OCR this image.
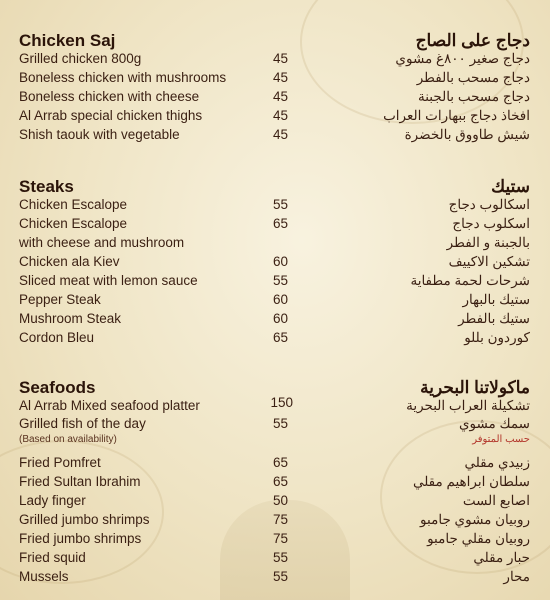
Chicken Saj	دجاج على الصاج
Grilled chicken 800g	45	دجاج صغير ٨٠٠غ مشوي
Boneless chicken with mushrooms	45	دجاج مسحب بالفطر
Boneless chicken with cheese	45	دجاج مسحب بالجبنة
Al Arrab special chicken thighs	45	افخاذ دجاج ببهارات العراب
Shish taouk with vegetable	45	شيش طاووق بالخضرة
Steaks	ستيك
Chicken Escalope	55	اسكالوب دجاج
Chicken Escalope	65	اسكلوب دجاج
with cheese and mushroom	بالجبنة و الفطر
Chicken ala Kiev	60	تشكين الاكييف
Sliced meat with lemon sauce	55	شرحات لحمة مطفاية
Pepper Steak	60	ستيك بالبهار
Mushroom Steak	60	ستيك بالفطر
Cordon Bleu	65	كوردون بللو
Seafoods	ماكولاتنا البحرية
Al Arrab Mixed seafood platter	150	تشكيلة العراب البحرية
Grilled fish of the day	55	سمك مشوي
(Based on availability)	حسب المتوفر
Fried Pomfret	65	زبيدي مقلي
Fried Sultan Ibrahim	65	سلطان ابراهيم مقلي
Lady finger	50	اصابع الست
Grilled jumbo shrimps	75	روبيان مشوي جامبو
Fried jumbo shrimps	75	روبيان مقلي جامبو
Fried squid	55	حبار مقلي
Mussels	55	محار
